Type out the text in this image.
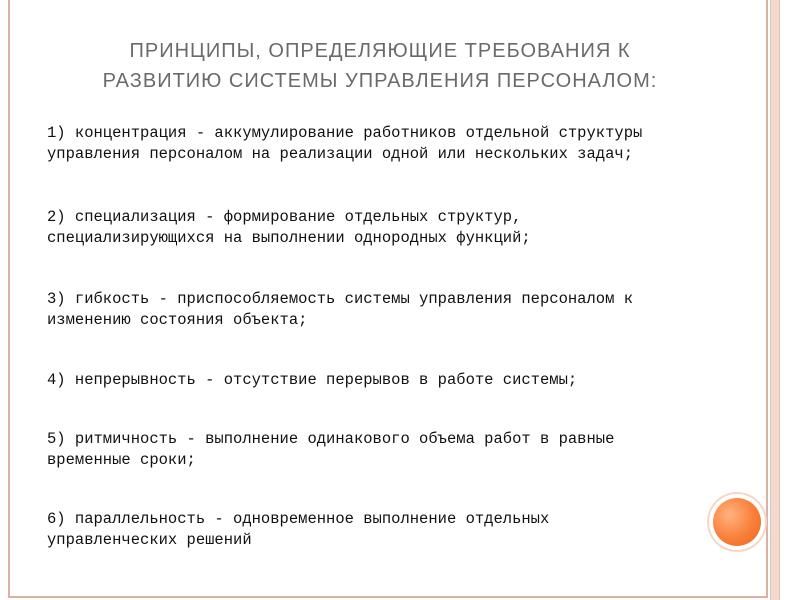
ПРИНЦИПЫ, ОПРЕДЕЛЯЮЩИЕ ТРЕБОВАНИЯ К
РАЗВИТИЮ СИСТЕМЫ УПРАВЛЕНИЯ ПЕРСОНАЛОМ:
1) концентрация - аккумулирование работников отдельной структуры
управления персоналом на реализации одной или нескольких задач;
2) специализация - формирование отдельных структур,
специализирующихся на выполнении однородных функций;
3) гибкость - приспособляемость системы управления персоналом к
изменению состояния объекта;
4) непрерывность - отсутствие перерывов в работе системы;
5) ритмичность - выполнение одинакового объема работ в равные
временные сроки;
6) параллельность - одновременное выполнение отдельных
управленческих решений
